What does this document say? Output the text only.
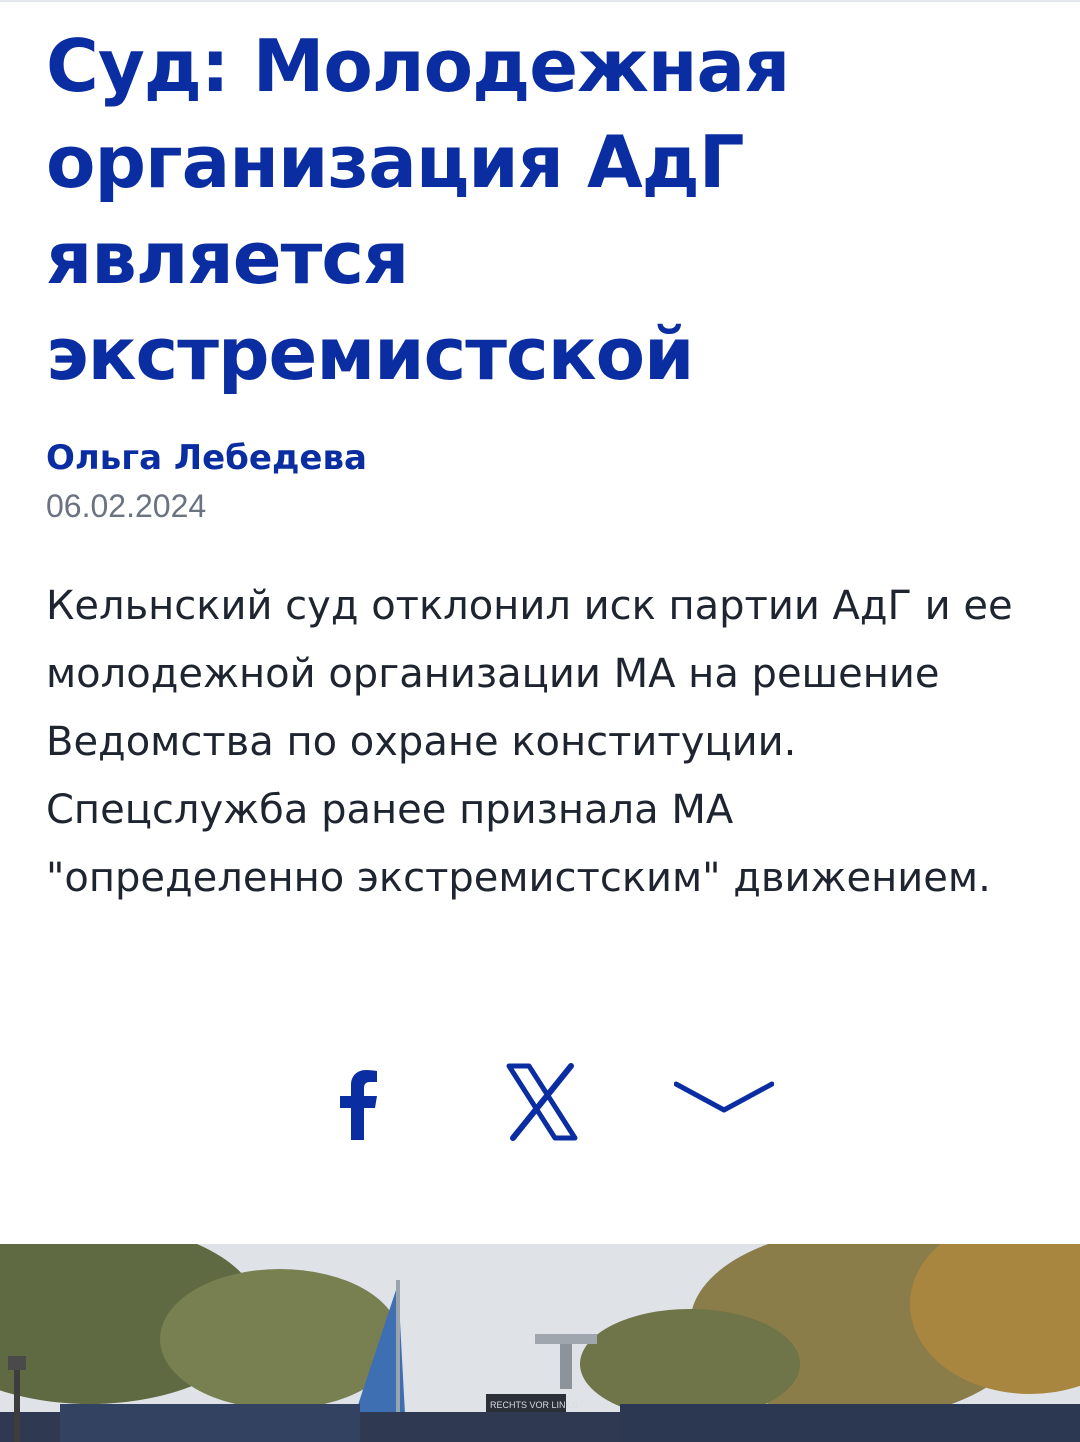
Суд: Молодежная организация АдГ является экстремистской
Ольга Лебедева
06.02.2024

Кельнский суд отклонил иск партии АдГ и ее молодежной организации МА на решение Ведомства по охране конституции. Спецслужба ранее признала МА "определенно экстремистским" движением.

RECHTS VOR LINKS
